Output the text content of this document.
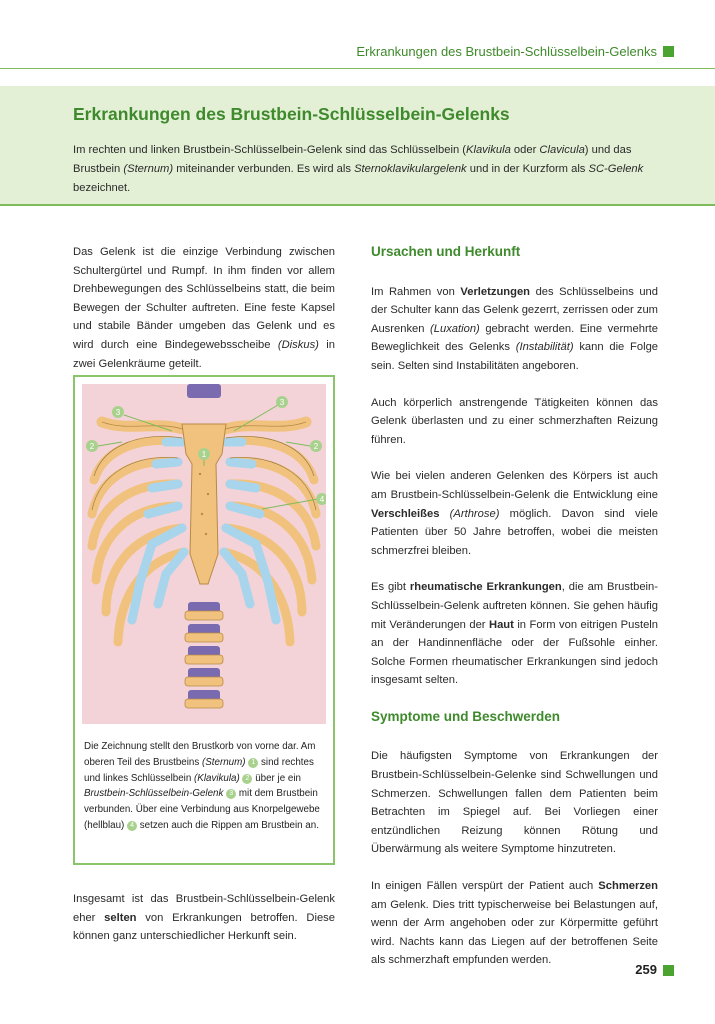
Erkrankungen des Brustbein-Schlüsselbein-Gelenks
Erkrankungen des Brustbein-Schlüsselbein-Gelenks

Im rechten und linken Brustbein-Schlüsselbein-Gelenk sind das Schlüsselbein (Klavikula oder Clavicula) und das Brustbein (Sternum) miteinander verbunden. Es wird als Sternoklavikulargelenk und in der Kurzform als SC-Gelenk bezeichnet.

Das Gelenk ist die einzige Verbindung zwischen Schultergürtel und Rumpf. In ihm finden vor allem Drehbewegungen des Schlüsselbeins statt, die beim Bewegen der Schulter auftreten. Eine feste Kapsel und stabile Bänder umgeben das Gelenk und es wird durch eine Bindegewebsscheibe (Diskus) in zwei Gelenkräume geteilt.

1
2	2
3
3
4
Die Zeichnung stellt den Brustkorb von vorne dar. Am oberen Teil des Brustbeins (Sternum) 1 sind rechtes und linkes Schlüsselbein (Klavikula) 2 über je ein Brustbein-Schlüsselbein-Gelenk 3 mit dem Brustbein verbunden. Über eine Verbindung aus Knorpelgewebe (hellblau) 4 setzen auch die Rippen am Brustbein an.

Insgesamt ist das Brustbein-Schlüsselbein-Gelenk eher selten von Erkrankungen betroffen. Diese können ganz unterschiedlicher Herkunft sein.

Ursachen und Herkunft

Im Rahmen von Verletzungen des Schlüsselbeins und der Schulter kann das Gelenk gezerrt, zerrissen oder zum Ausrenken (Luxation) gebracht werden. Eine vermehrte Beweglichkeit des Gelenks (Instabilität) kann die Folge sein. Selten sind Instabilitäten angeboren.

Auch körperlich anstrengende Tätigkeiten können das Gelenk überlasten und zu einer schmerzhaften Reizung führen.

Wie bei vielen anderen Gelenken des Körpers ist auch am Brustbein-Schlüsselbein-Gelenk die Entwicklung eine Verschleißes (Arthrose) möglich. Davon sind viele Patienten über 50 Jahre betroffen, wobei die meisten schmerzfrei bleiben.

Es gibt rheumatische Erkrankungen, die am Brustbein-Schlüsselbein-Gelenk auftreten können. Sie gehen häufig mit Veränderungen der Haut in Form von eitrigen Pusteln an der Handinnenfläche oder der Fußsohle einher. Solche Formen rheumatischer Erkrankungen sind jedoch insgesamt selten.

Symptome und Beschwerden

Die häufigsten Symptome von Erkrankungen der Brustbein-Schlüsselbein-Gelenke sind Schwellungen und Schmerzen. Schwellungen fallen dem Patienten beim Betrachten im Spiegel auf. Bei Vorliegen einer entzündlichen Reizung können Rötung und Überwärmung als weitere Symptome hinzutreten.

In einigen Fällen verspürt der Patient auch Schmerzen am Gelenk. Dies tritt typischerweise bei Belastungen auf, wenn der Arm angehoben oder zur Körpermitte geführt wird. Nachts kann das Liegen auf der betroffenen Seite als schmerzhaft empfunden werden.

259
